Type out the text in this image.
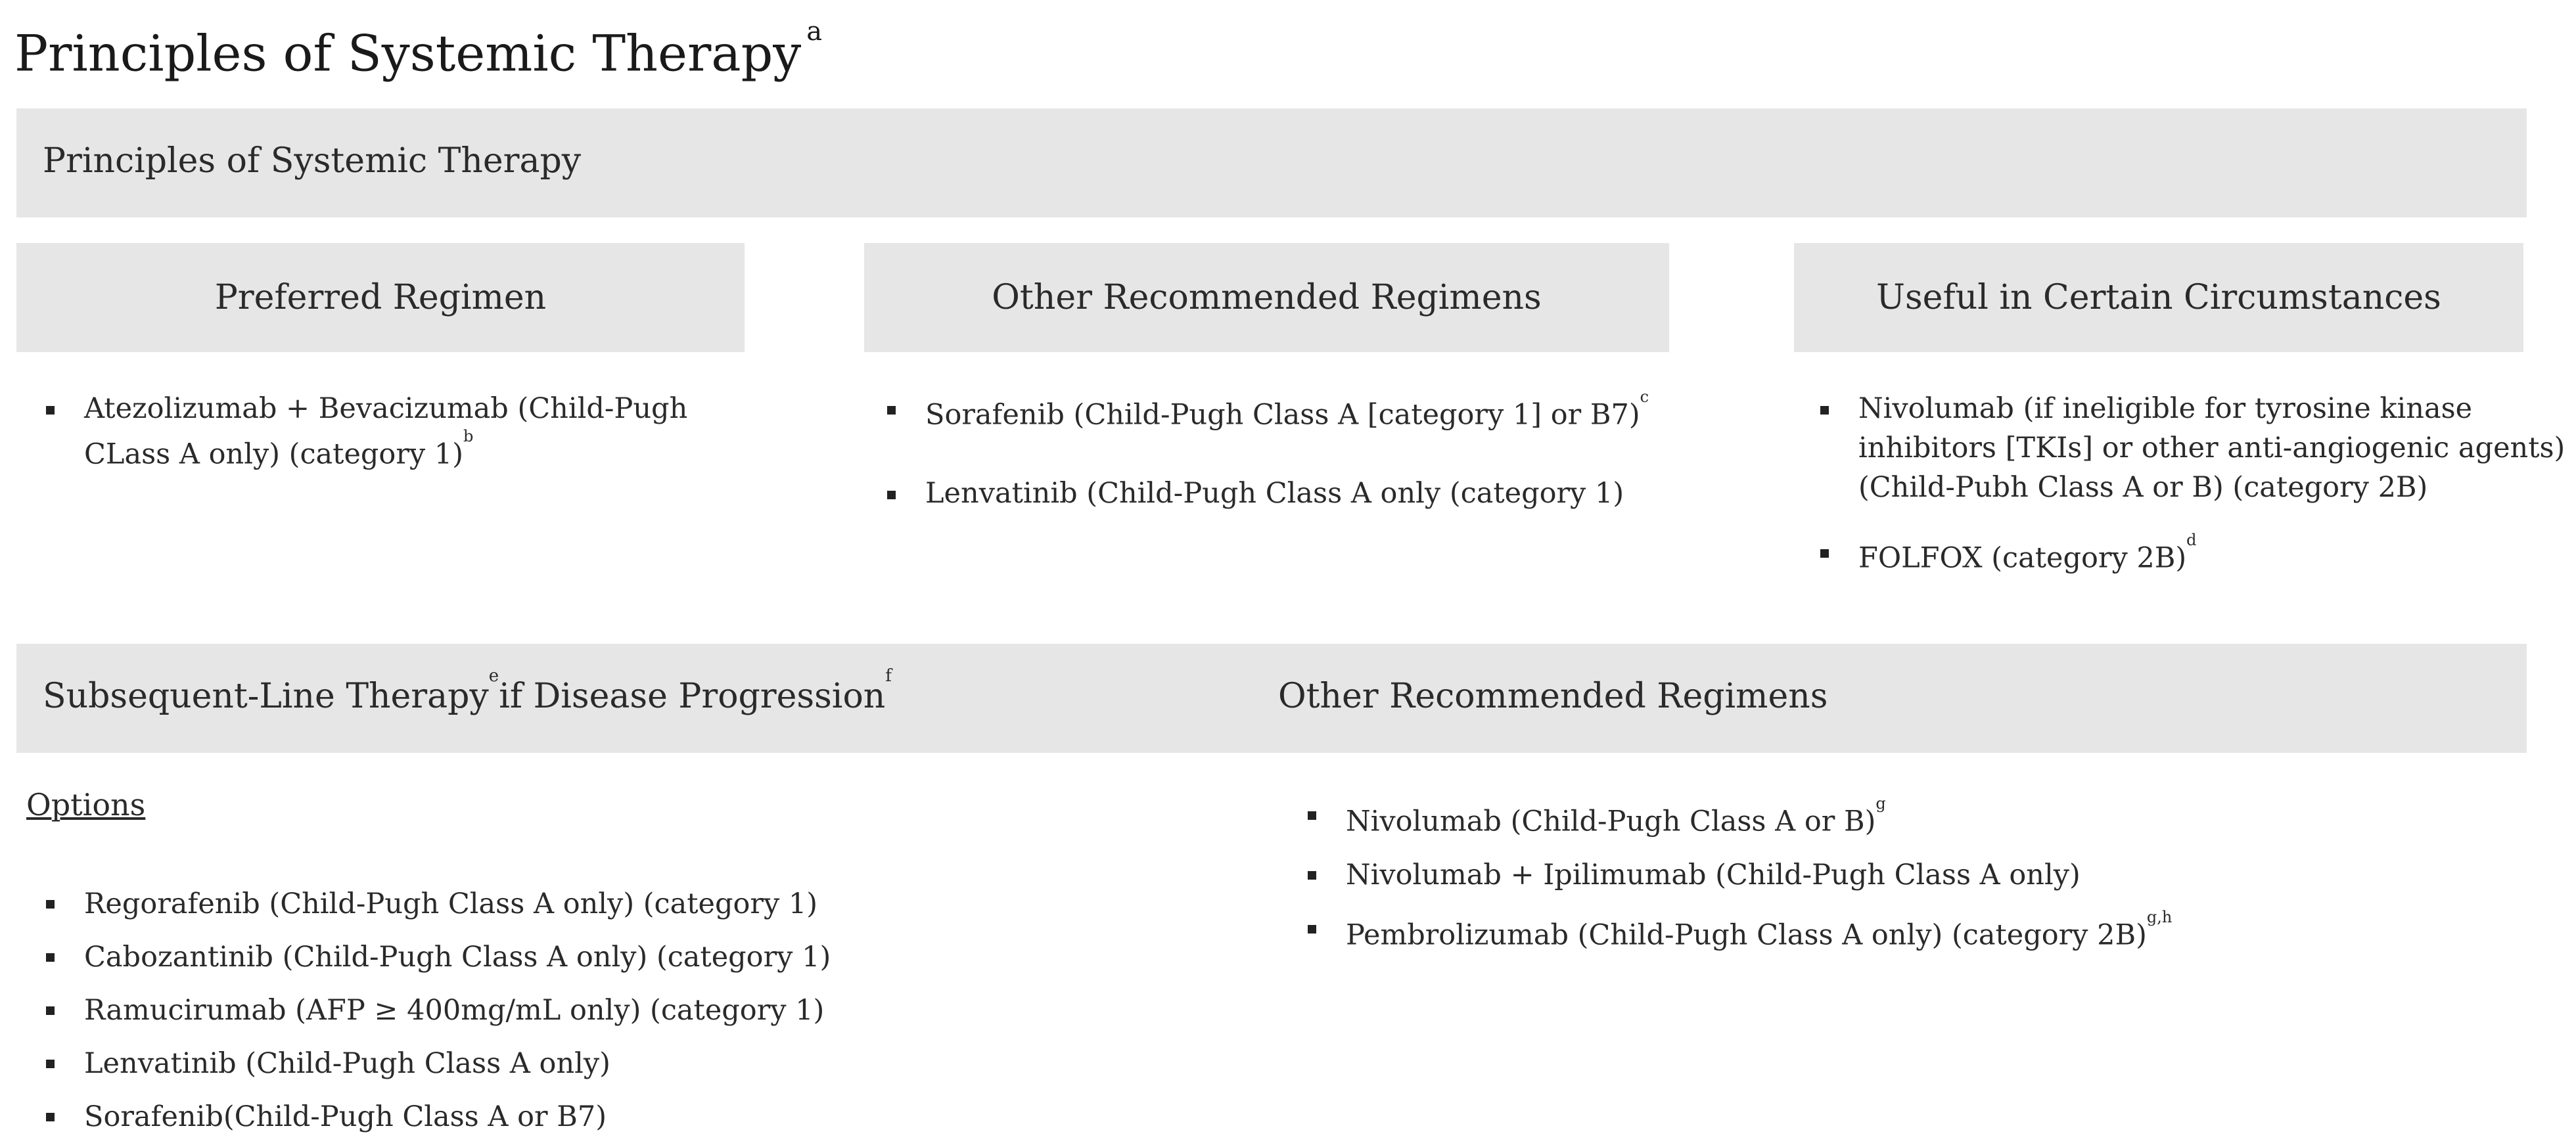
Principles of Systemic Therapy $^a$
Principles of Systemic Therapy
Preferred Regimen	Other Recommended Regimens	Useful in Certain Circumstances
Atezolizumab + Bevacizumab (Child-Pugh CLass A only) (category 1)$^b$
Sorafenib (Child-Pugh Class A [category 1] or B7)$^c$
Lenvatinib (Child-Pugh Class A only (category 1)
Nivolumab (if ineligible for tyrosine kinase inhibitors [TKIs] or other anti-angiogenic agents) (Child-Pubh Class A or B) (category 2B)
FOLFOX (category 2B)$^d$
Subsequent-Line Therapy$^e$if Disease Progression$^f$
Other Recommended Regimens
Options
Regorafenib (Child-Pugh Class A only) (category 1)
Cabozantinib (Child-Pugh Class A only) (category 1)
Ramucirumab (AFP ≥ 400mg/mL only) (category 1)
Lenvatinib (Child-Pugh Class A only)
Sorafenib(Child-Pugh Class A or B7)
Nivolumab (Child-Pugh Class A or B)$^g$
Nivolumab + Ipilimumab (Child-Pugh Class A only)
Pembrolizumab (Child-Pugh Class A only) (category 2B)$^{g,h}$
